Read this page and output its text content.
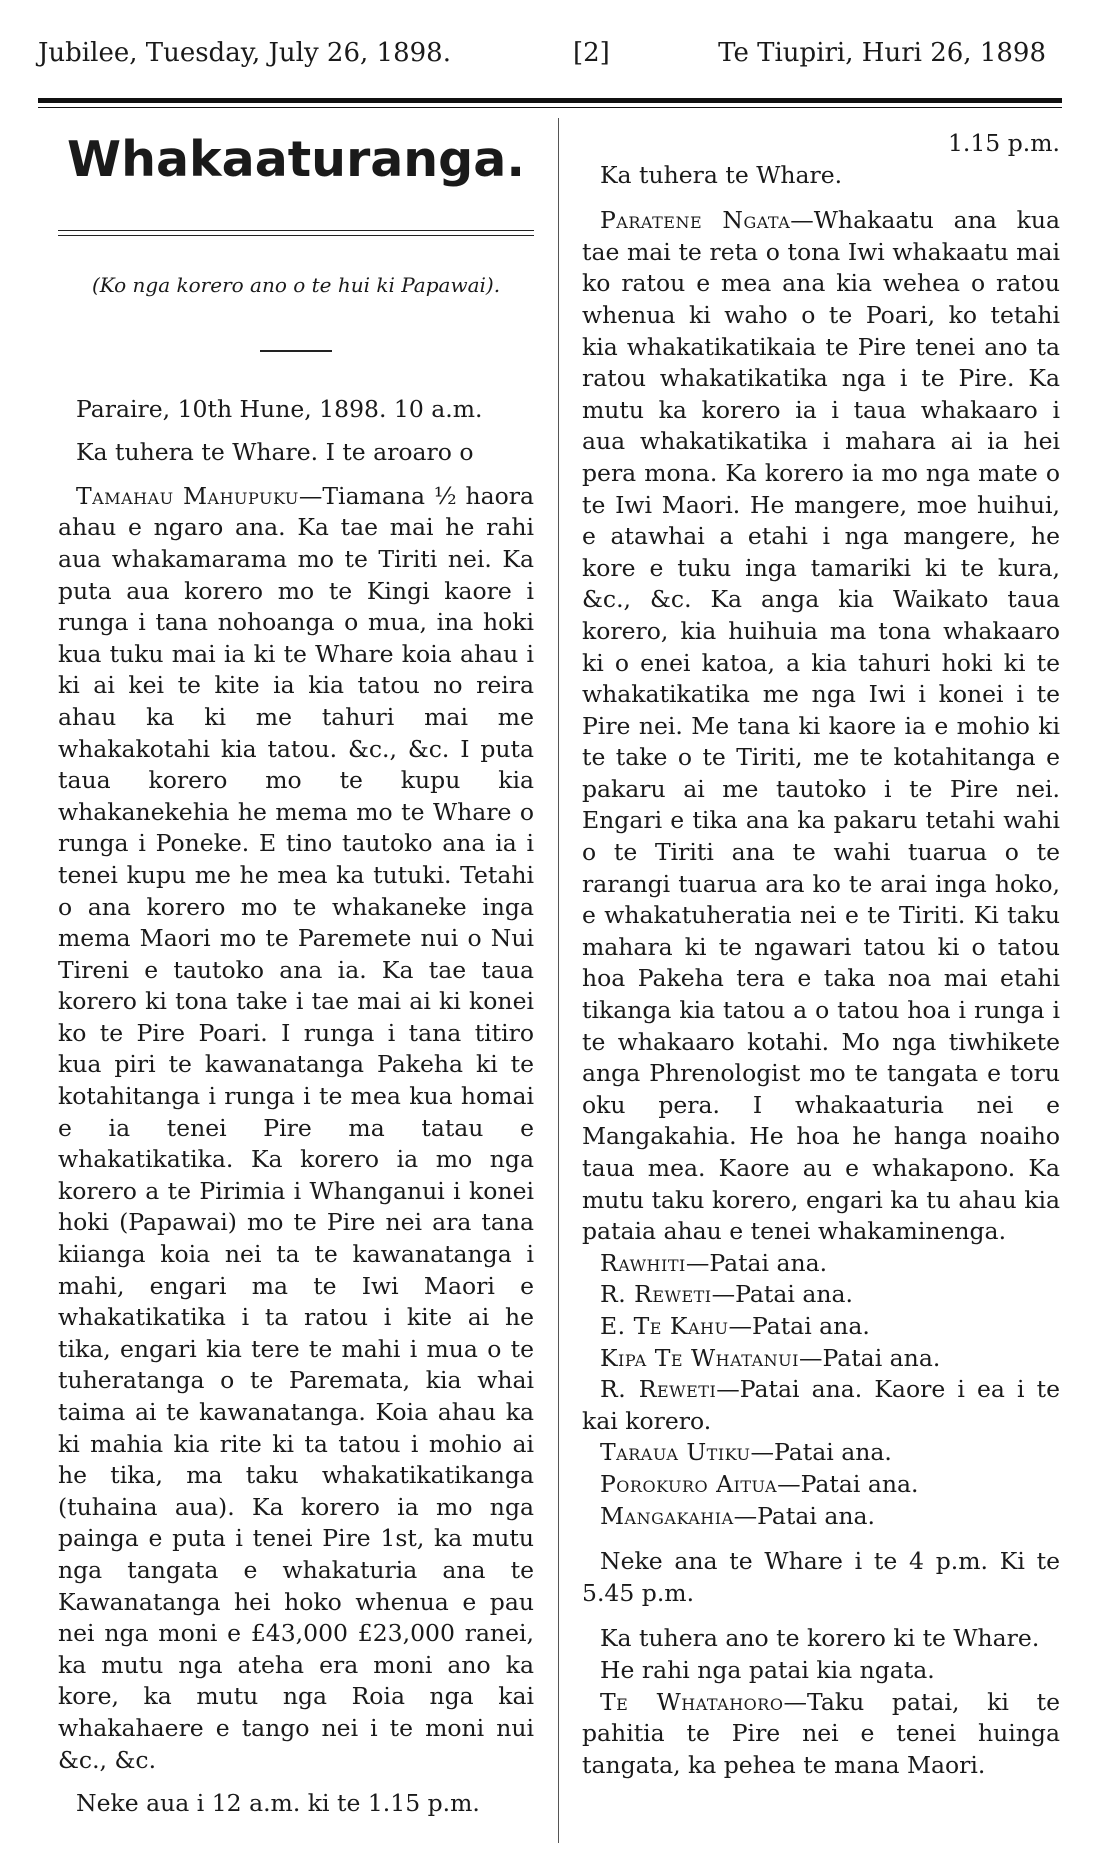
Jubilee, Tuesday, July 26, 1898.	[2]	Te Tiupiri, Huri 26, 1898
Whakaaturanga.
(Ko nga korero ano o te hui ki Papawai).

Paraire, 10th Hune, 1898. 10 a.m.

Ka tuhera te Whare. I te aroaro o

Tamahau Mahupuku—Tiamana ½ haora ahau e ngaro ana. Ka tae mai he rahi aua whakamarama mo te Tiriti nei. Ka puta aua korero mo te Kingi kaore i runga i tana nohoanga o mua, ina hoki kua tuku mai ia ki te Whare koia ahau i ki ai kei te kite ia kia tatou no reira ahau ka ki me tahuri mai me whakakotahi kia tatou. &c., &c. I puta taua korero mo te kupu kia whakanekehia he mema mo te Whare o runga i Poneke. E tino tautoko ana ia i tenei kupu me he mea ka tutuki. Tetahi o ana korero mo te whakaneke inga mema Maori mo te Paremete nui o Nui Tireni e tautoko ana ia. Ka tae taua korero ki tona take i tae mai ai ki konei ko te Pire Poari. I runga i tana titiro kua piri te kawanatanga Pakeha ki te kotahitanga i runga i te mea kua homai e ia tenei Pire ma tatau e whakatikatika. Ka korero ia mo nga korero a te Pirimia i Whanganui i konei hoki (Papawai) mo te Pire nei ara tana kiianga koia nei ta te kawanatanga i mahi, engari ma te Iwi Maori e whakatikatika i ta ratou i kite ai he tika, engari kia tere te mahi i mua o te tuheratanga o te Paremata, kia whai taima ai te kawanatanga. Koia ahau ka ki mahia kia rite ki ta tatou i mohio ai he tika, ma taku whakatikatikanga (tuhaina aua). Ka korero ia mo nga painga e puta i tenei Pire 1st, ka mutu nga tangata e whakaturia ana te Kawanatanga hei hoko whenua e pau nei nga moni e £43,000 £23,000 ranei, ka mutu nga ateha era moni ano ka kore, ka mutu nga Roia nga kai whakahaere e tango nei i te moni nui &c., &c.

Neke aua i 12 a.m. ki te 1.15 p.m.

1.15 p.m.

Ka tuhera te Whare.

Paratene Ngata—Whakaatu ana kua tae mai te reta o tona Iwi whakaatu mai ko ratou e mea ana kia wehea o ratou whenua ki waho o te Poari, ko tetahi kia whakatikatikaia te Pire tenei ano ta ratou whakatikatika nga i te Pire. Ka mutu ka korero ia i taua whakaaro i aua whakatikatika i mahara ai ia hei pera mona. Ka korero ia mo nga mate o te Iwi Maori. He mangere, moe huihui, e atawhai a etahi i nga mangere, he kore e tuku inga tamariki ki te kura, &c., &c. Ka anga kia Waikato taua korero, kia huihuia ma tona whakaaro ki o enei katoa, a kia tahuri hoki ki te whakatikatika me nga Iwi i konei i te Pire nei. Me tana ki kaore ia e mohio ki te take o te Tiriti, me te kotahitanga e pakaru ai me tautoko i te Pire nei. Engari e tika ana ka pakaru tetahi wahi o te Tiriti ana te wahi tuarua o te rarangi tuarua ara ko te arai inga hoko, e whakatuheratia nei e te Tiriti. Ki taku mahara ki te ngawari tatou ki o tatou hoa Pakeha tera e taka noa mai etahi tikanga kia tatou a o tatou hoa i runga i te whakaaro kotahi. Mo nga tiwhikete anga Phrenologist mo te tangata e toru oku pera. I whakaaturia nei e Mangakahia. He hoa he hanga noaiho taua mea. Kaore au e whakapono. Ka mutu taku korero, engari ka tu ahau kia pataia ahau e tenei whakaminenga.

Rawhiti—Patai ana.

R. Reweti—Patai ana.

E. Te Kahu—Patai ana.

Kipa Te Whatanui—Patai ana.

R. Reweti—Patai ana. Kaore i ea i te kai korero.

Taraua Utiku—Patai ana.

Porokuro Aitua—Patai ana.

Mangakahia—Patai ana.

Neke ana te Whare i te 4 p.m. Ki te 5.45 p.m.

Ka tuhera ano te korero ki te Whare.

He rahi nga patai kia ngata.

Te Whatahoro—Taku patai, ki te pahitia te Pire nei e tenei huinga tangata, ka pehea te mana Maori.
